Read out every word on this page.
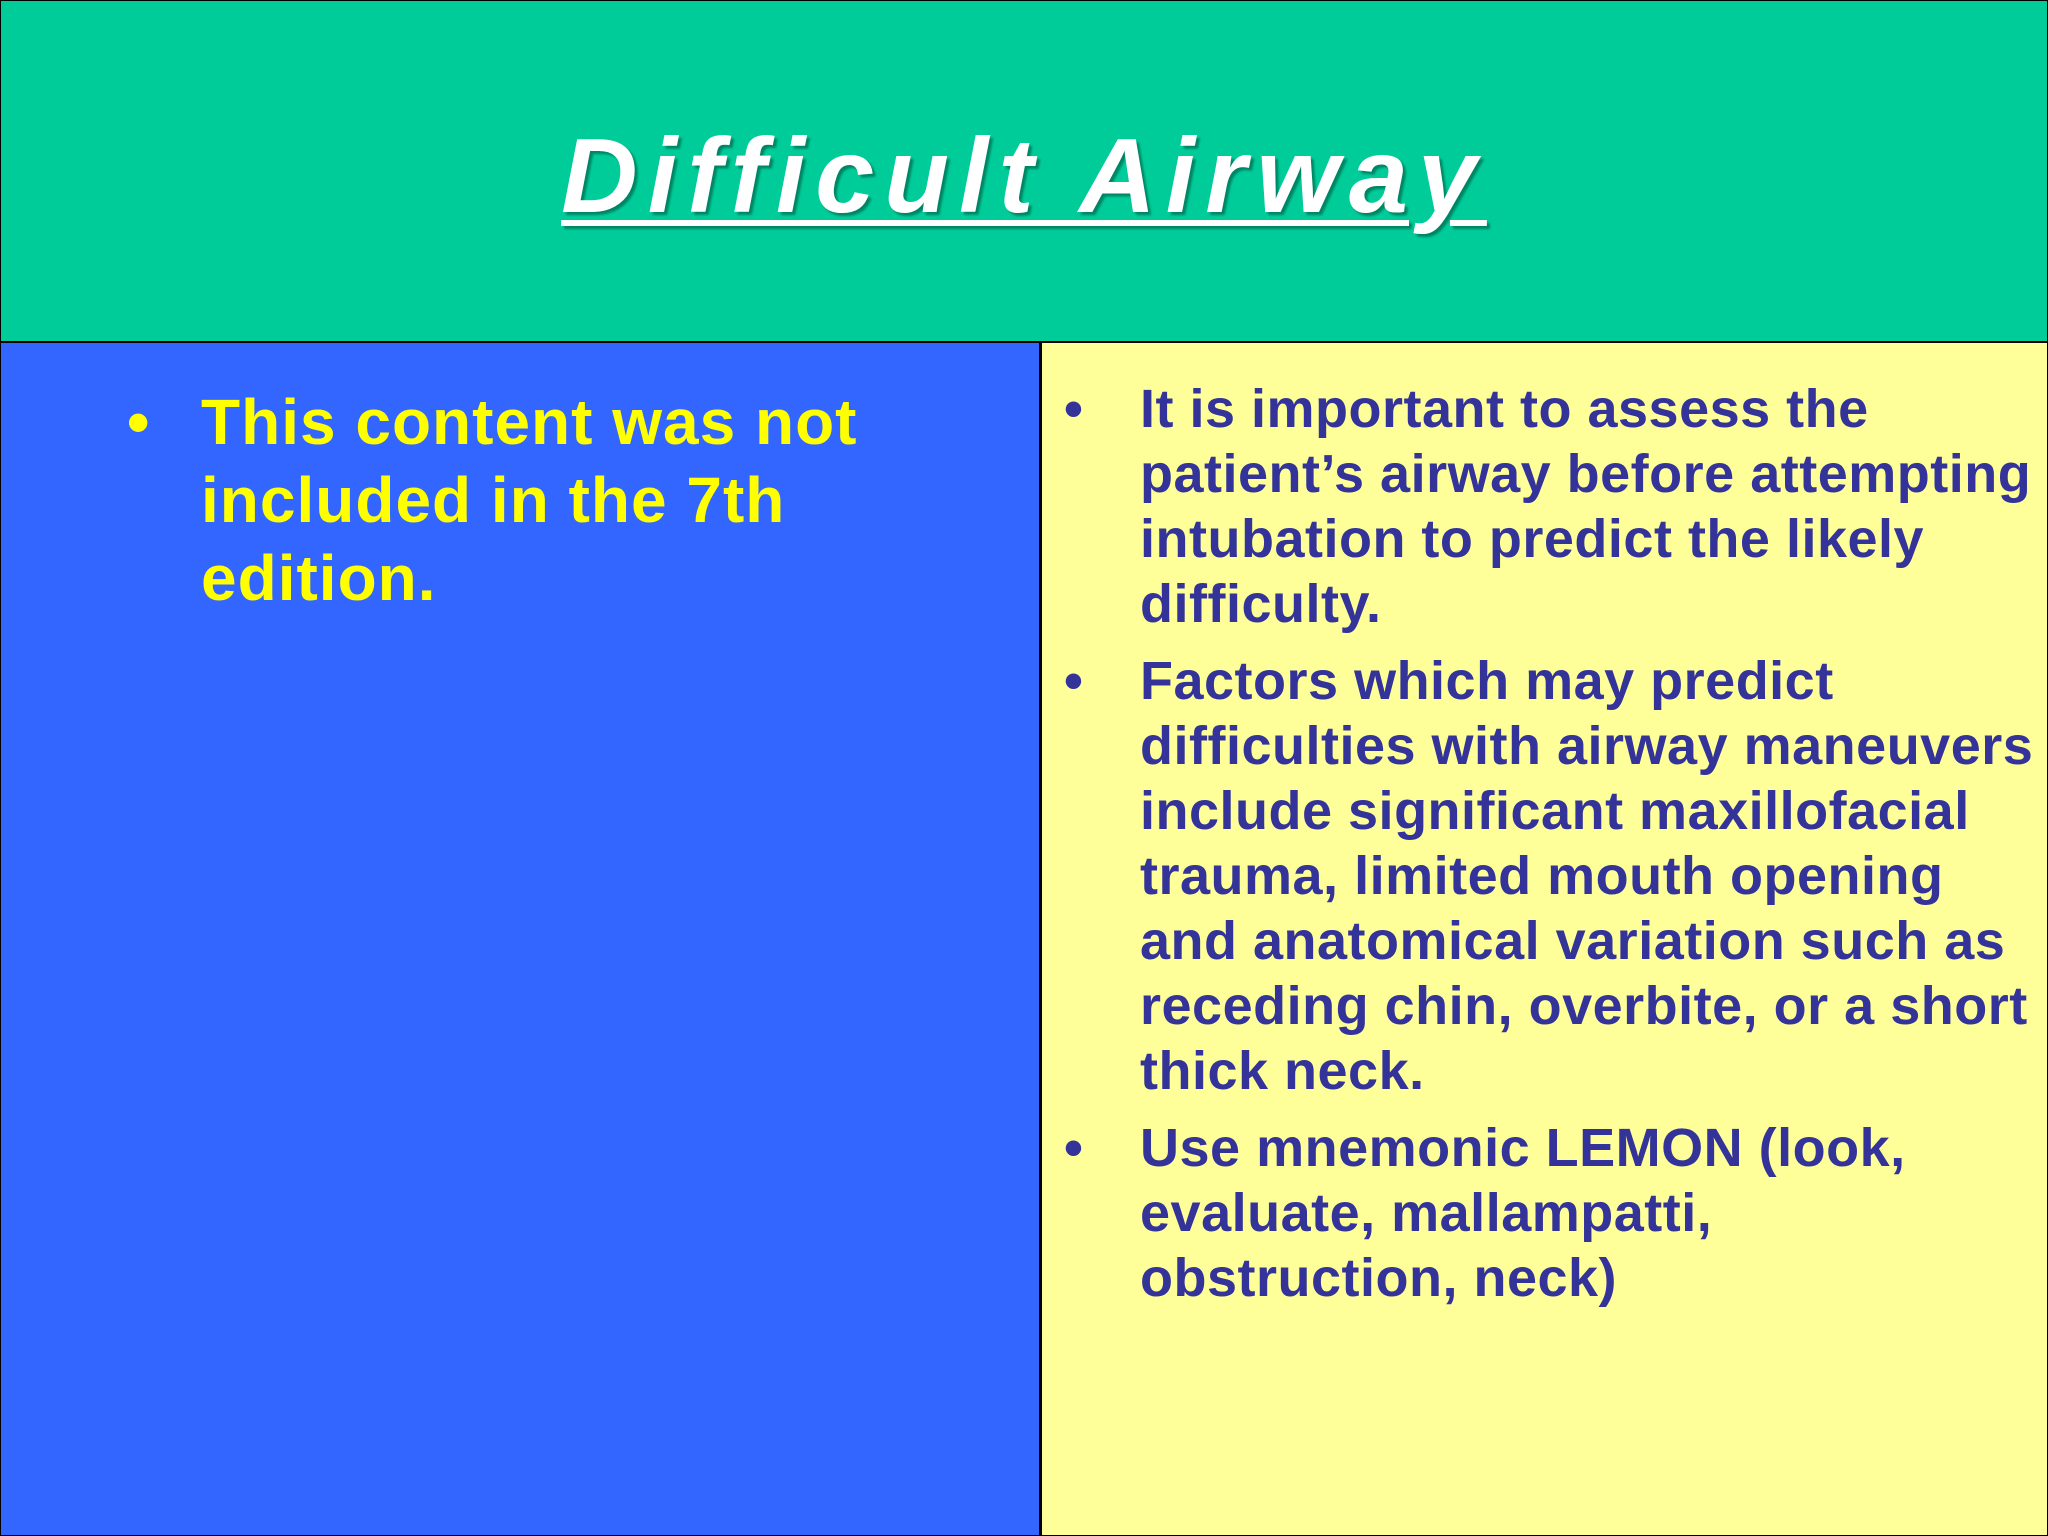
Difficult Airway
• This content was not included in the 7th edition.
• It is important to assess the patient’s airway before attempting intubation to predict the likely difficulty.
• Factors which may predict difficulties with airway maneuvers include significant maxillofacial trauma, limited mouth opening and anatomical variation such as receding chin, overbite, or a short thick neck.
• Use mnemonic LEMON (look, evaluate, mallampatti, obstruction, neck)
